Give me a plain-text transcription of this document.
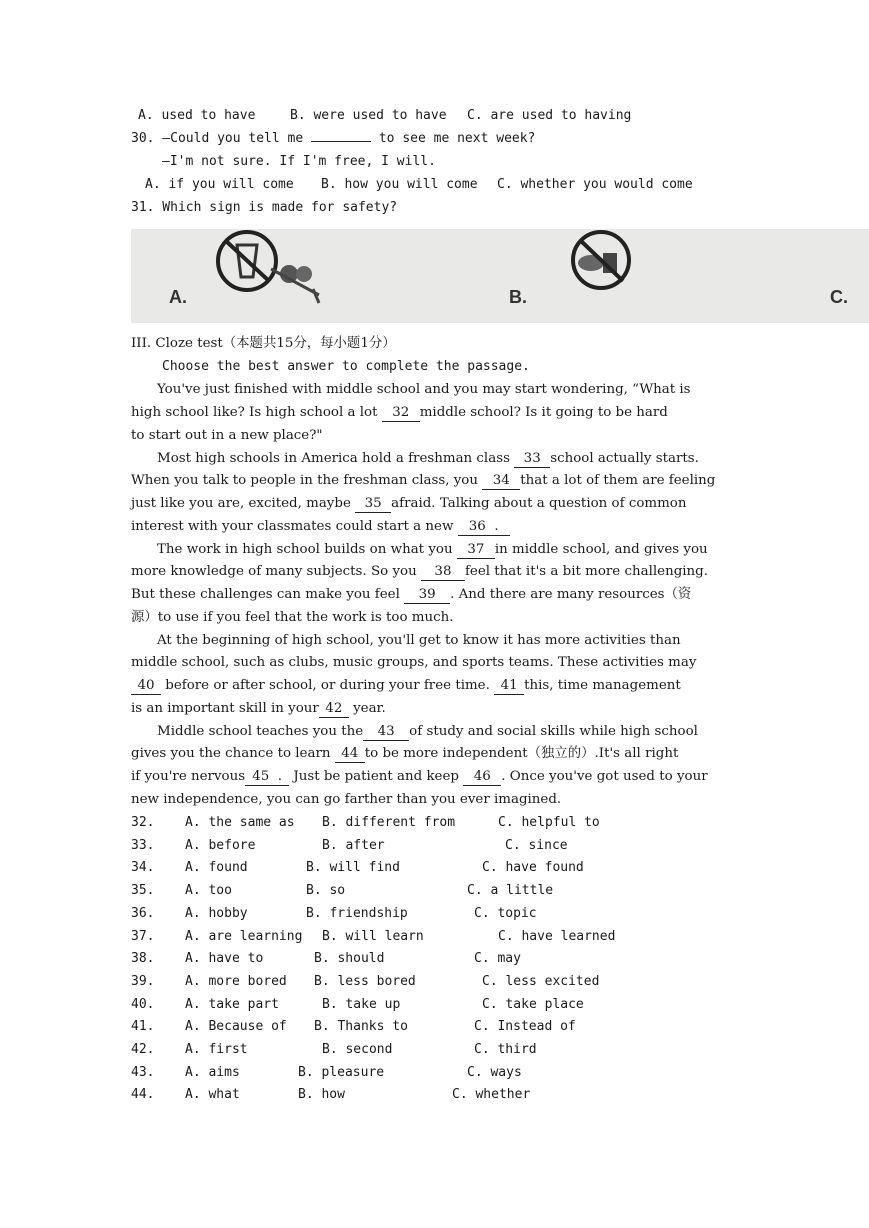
A. used to have	B. were used to have C. are used to having
30. —Could you tell me	to see me next week?
—I'm not sure. If I'm free, I will.
A. if you will come B. how you will come C. whether you would come
31. Which sign is made for safety?
A.	B.	C.
III. Cloze test（本题共15分，每小题1分）
Choose the best answer to complete the passage.
You've just finished with middle school and you may start wondering, “What is
high school like? Is high school a lot 32 middle school? Is it going to be hard
to start out in a new place?"
Most high schools in America hold a freshman class 33 school actually starts.
When you talk to people in the freshman class, you 34 that a lot of them are feeling
just like you are, excited, maybe 35 afraid. Talking about a question of common
interest with your classmates could start a new 36  .
The work in high school builds on what you 37 in middle school, and gives you
more knowledge of many subjects. So you 38 feel that it's a bit more challenging.
But these challenges can make you feel 39 . And there are many resources（资
源）to use if you feel that the work is too much.
At the beginning of high school, you'll get to know it has more activities than
middle school, such as clubs, music groups, and sports teams. These activities may
40 before or after school, or during your free time. 41 this, time management
is an important skill in your 42 year.
Middle school teaches you the 43 of study and social skills while high school
gives you the chance to learn 44 to be more independent（独立的）.It's all right
if you're nervous 45  . Just be patient and keep 46 . Once you've got used to your
new independence, you can go farther than you ever imagined.
32. A. the same as B. different from	C. helpful to
33. A. before	B. after	C. since
34. A. found	B. will find	C. have found
35. A. too	B. so	C. a little
36. A. hobby	B. friendship	C. topic
37. A. are learning B. will learn	C. have learned
38. A. have to	B. should	C. may
39. A. more bored B. less bored	C. less excited
40. A. take part	B. take up	C. take place
41. A. Because of B. Thanks to	C. Instead of
42. A. first	B. second	C. third
43. A. aims	B. pleasure	C. ways
44. A. what	B. how	C. whether
